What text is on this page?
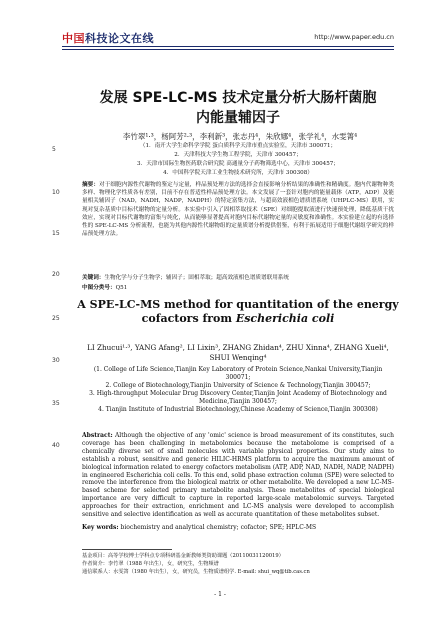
中国科技论文在线	http://www.paper.edu.cn
5
10
15
20
25
30
35
40
发展 SPE-LC-MS 技术定量分析大肠杆菌胞
内能量辅因子
李竹翠¹·³，杨阿芳²·³，李利新³，张志丹⁴，朱欣娜⁴，张学礼⁴，水雯箐⁴
（1．南开大学生命科学学院 蛋白质科学天津市重点实验室，天津市 300071；
2．天津科技大学生物工程学院，天津市 300457；
3．天津市国际生物医药联合研究院 高通量分子药物筛选中心，天津市 300457；
4．中国科学院天津工业生物技术研究所，天津市 300308）
摘要：对于细胞内源性代谢物的鉴定与定量，样品预处理方法的选择会直接影响分析结果的准确性和精确度。胞内代谢物种类多样、物理化学性质各有差别，目前不存在普适性样品预处理方法。本文发展了一套针对胞内的能量载体（ATP，ADP）及能量相关辅因子（NAD，NADH，NADP，NADPH）的特定富集方法，与超高效液相色谱质谱系统（UHPLC-MS）联用，实现对复杂基质中目标代谢物的定量分析。本实验中引入了固相萃取技术（SPE）对细胞提取液进行快速预处理，降低基质干扰效应，实现对目标代谢物的富集与纯化，从而能够显著提高对胞内目标代谢物定量的灵敏度和准确性。本实验建立起的有选择性的 SPE-LC-MS 分析流程，也能为其他内源性代谢物组的定量质谱分析提供借鉴，有利于拓展适用于细胞代谢组学研究的样品预处理方法。
关键词：生物化学与分子生物学；辅因子；固相萃取；超高效液相色谱质谱联用系统
中图分类号：Q51
A SPE-LC-MS method for quantitation of the energy
cofactors from Escherichia coli
LI Zhucui¹·³, YANG Afang², LI Lixin³, ZHANG Zhidan⁴, ZHU Xinna⁴, ZHANG Xueli⁴, SHUI Wenqing⁴
(1. College of Life Science,Tianjin Key Laboratory of Protein Science,Nankai University,Tianjin 300071;
2. College of Biotechnology,Tianjin University of Science & Technology,Tianjin 300457;
3. High-throughput Molecular Drug Discovery Center,Tianjin Joint Academy of Biotechnology and Medicine,Tianjin 300457;
4. Tianjin Institute of Industrial Biotechnology,Chinese Academy of Science,Tianjin 300308)
Abstract: Although the objective of any 'omic' science is broad measurement of its constitutes, such coverage has been challenging in metabolomics because the metabolome is comprised of a chemically diverse set of small molecules with variable physical properties. Our study aims to establish a robust, sensitive and generic HILIC-HRMS platform to acquire the maximum amount of biological information related to energy cofactors metabolism (ATP, ADP, NAD, NADH, NADP, NADPH) in engineered Escherichia coli cells. To this end, solid phase extraction column (SPE) were selected to remove the interference from the biological matrix or other metabolite. We developed a new LC-MS-based scheme for selected primary metabolite analysis. These metabolites of special biological importance are very difficult to capture in reported large-scale metabolomic surveys. Targeted approaches for their extraction, enrichment and LC-MS analysis were developed to accomplish sensitive and selective identification as well as accurate quantitation of these metabolites subset.
Key words: biochemistry and analytical chemistry; cofactor; SPE; HPLC-MS
基金项目：高等学校博士学科点专项科研基金新教师类资助课题（20110031120019）
作者简介：李竹翠（1988 年出生），女，研究生，生物频谱
通信联系人：水雯箐（1980 年出生），女，研究员，生物质谱组学. E-mail: shui_wq@tib.cas.cn
- 1 -
